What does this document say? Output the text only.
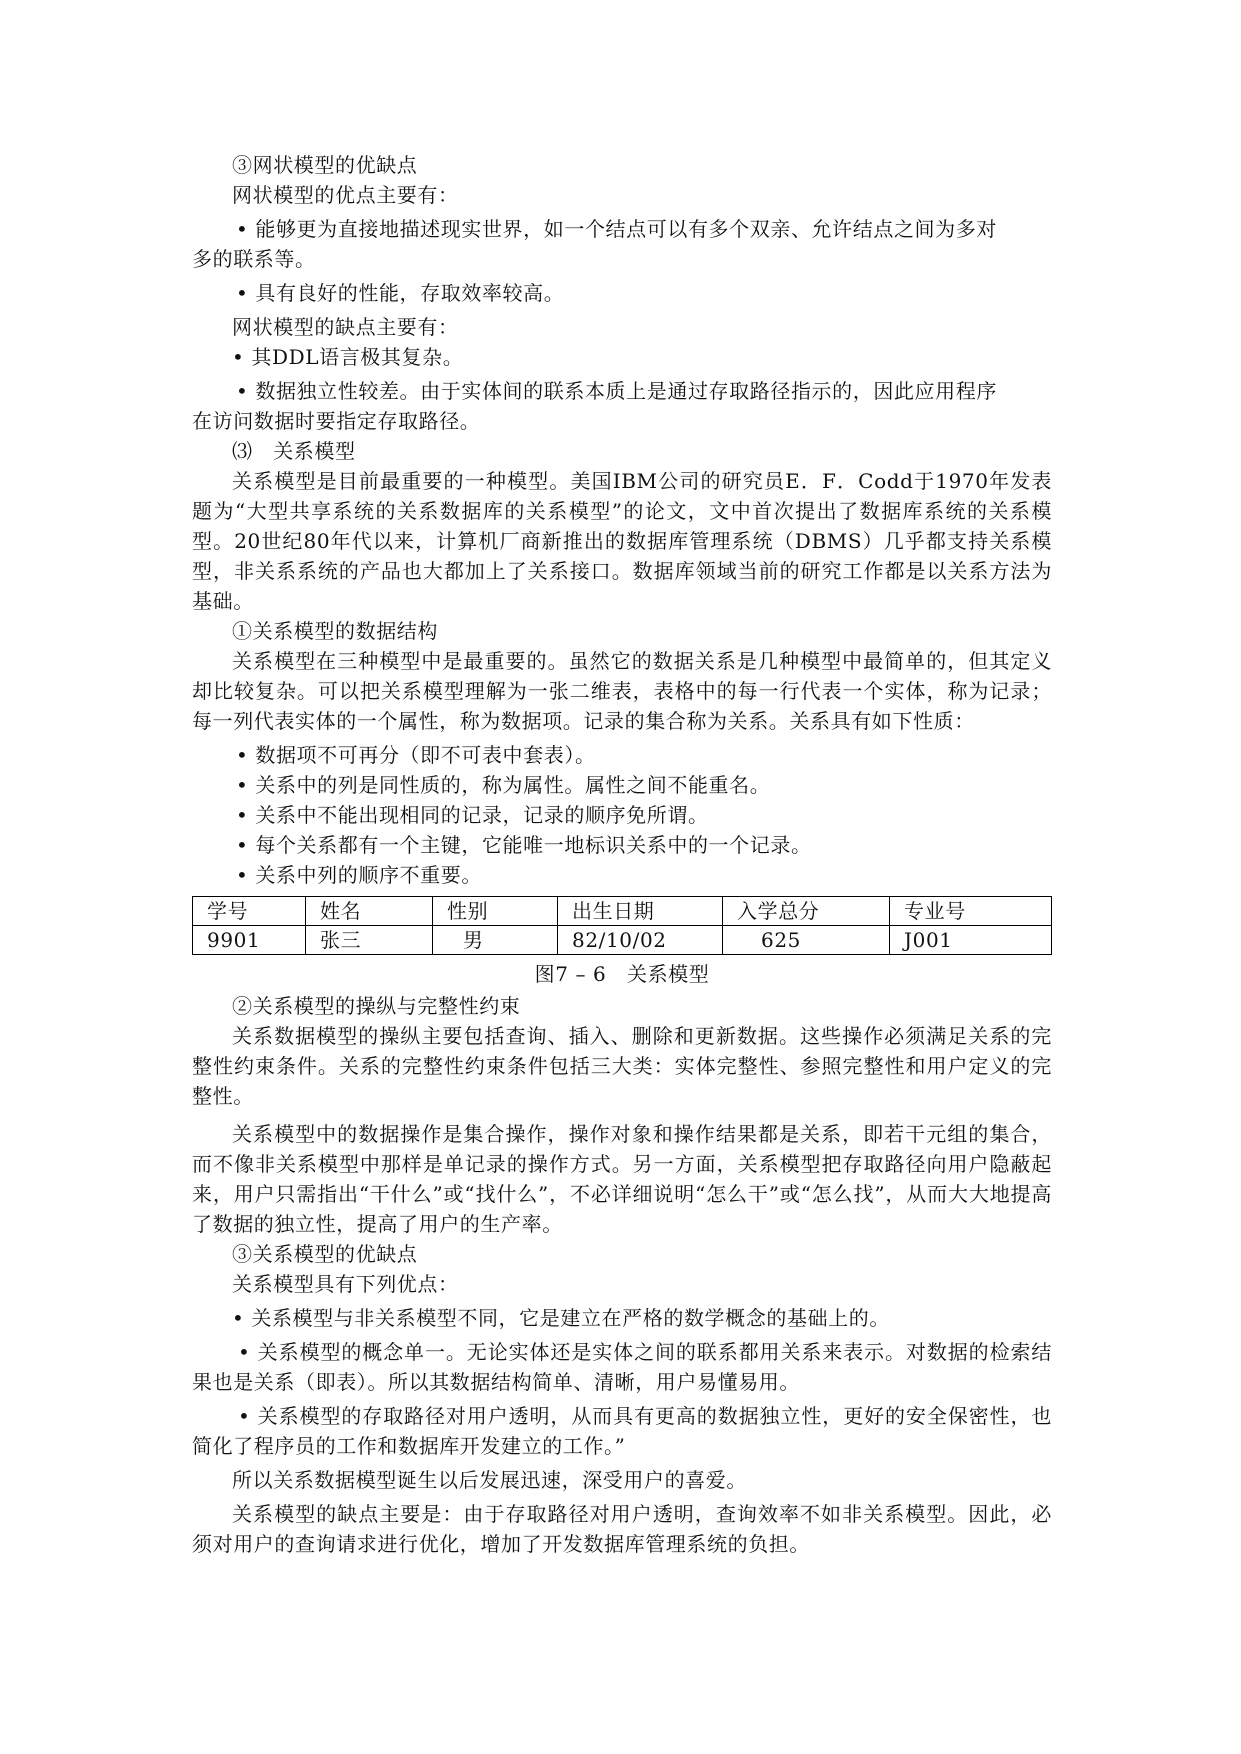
③网状模型的优缺点
网状模型的优点主要有：
• 能够更为直接地描述现实世界，如一个结点可以有多个双亲、允许结点之间为多对
多的联系等。
• 具有良好的性能，存取效率较高。
网状模型的缺点主要有：
• 其DDL语言极其复杂。
• 数据独立性较差。由于实体间的联系本质上是通过存取路径指示的，因此应用程序
在访问数据时要指定存取路径。
⑶　关系模型
关系模型是目前最重要的一种模型。美国IBM公司的研究员E．F．Codd于1970年发表题为“大型共享系统的关系数据库的关系模型”的论文，文中首次提出了数据库系统的关系模型。20世纪80年代以来，计算机厂商新推出的数据库管理系统（DBMS）几乎都支持关系模型，非关系系统的产品也大都加上了关系接口。数据库领域当前的研究工作都是以关系方法为基础。
①关系模型的数据结构
关系模型在三种模型中是最重要的。虽然它的数据关系是几种模型中最简单的，但其定义却比较复杂。可以把关系模型理解为一张二维表，表格中的每一行代表一个实体，称为记录；每一列代表实体的一个属性，称为数据项。记录的集合称为关系。关系具有如下性质：
• 数据项不可再分（即不可表中套表）。
• 关系中的列是同性质的，称为属性。属性之间不能重名。
• 关系中不能出现相同的记录，记录的顺序免所谓。
• 每个关系都有一个主键，它能唯一地标识关系中的一个记录。
• 关系中列的顺序不重要。
学号	姓名	性别	出生日期	入学总分	专业号
9901	张三	男	82/10/02	625	J001
图7 – 6　关系模型
②关系模型的操纵与完整性约束
关系数据模型的操纵主要包括查询、插入、删除和更新数据。这些操作必须满足关系的完整性约束条件。关系的完整性约束条件包括三大类：实体完整性、参照完整性和用户定义的完整性。
关系模型中的数据操作是集合操作，操作对象和操作结果都是关系，即若干元组的集合，而不像非关系模型中那样是单记录的操作方式。另一方面，关系模型把存取路径向用户隐蔽起来，用户只需指出“干什么”或“找什么”，不必详细说明“怎么干”或“怎么找”，从而大大地提高了数据的独立性，提高了用户的生产率。
③关系模型的优缺点
关系模型具有下列优点：
• 关系模型与非关系模型不同，它是建立在严格的数学概念的基础上的。
• 关系模型的概念单一。无论实体还是实体之间的联系都用关系来表示。对数据的检索结果也是关系（即表）。所以其数据结构简单、清晰，用户易懂易用。
• 关系模型的存取路径对用户透明，从而具有更高的数据独立性，更好的安全保密性，也简化了程序员的工作和数据库开发建立的工作。”
所以关系数据模型诞生以后发展迅速，深受用户的喜爱。
关系模型的缺点主要是：由于存取路径对用户透明，查询效率不如非关系模型。因此，必须对用户的查询请求进行优化，增加了开发数据库管理系统的负担。
